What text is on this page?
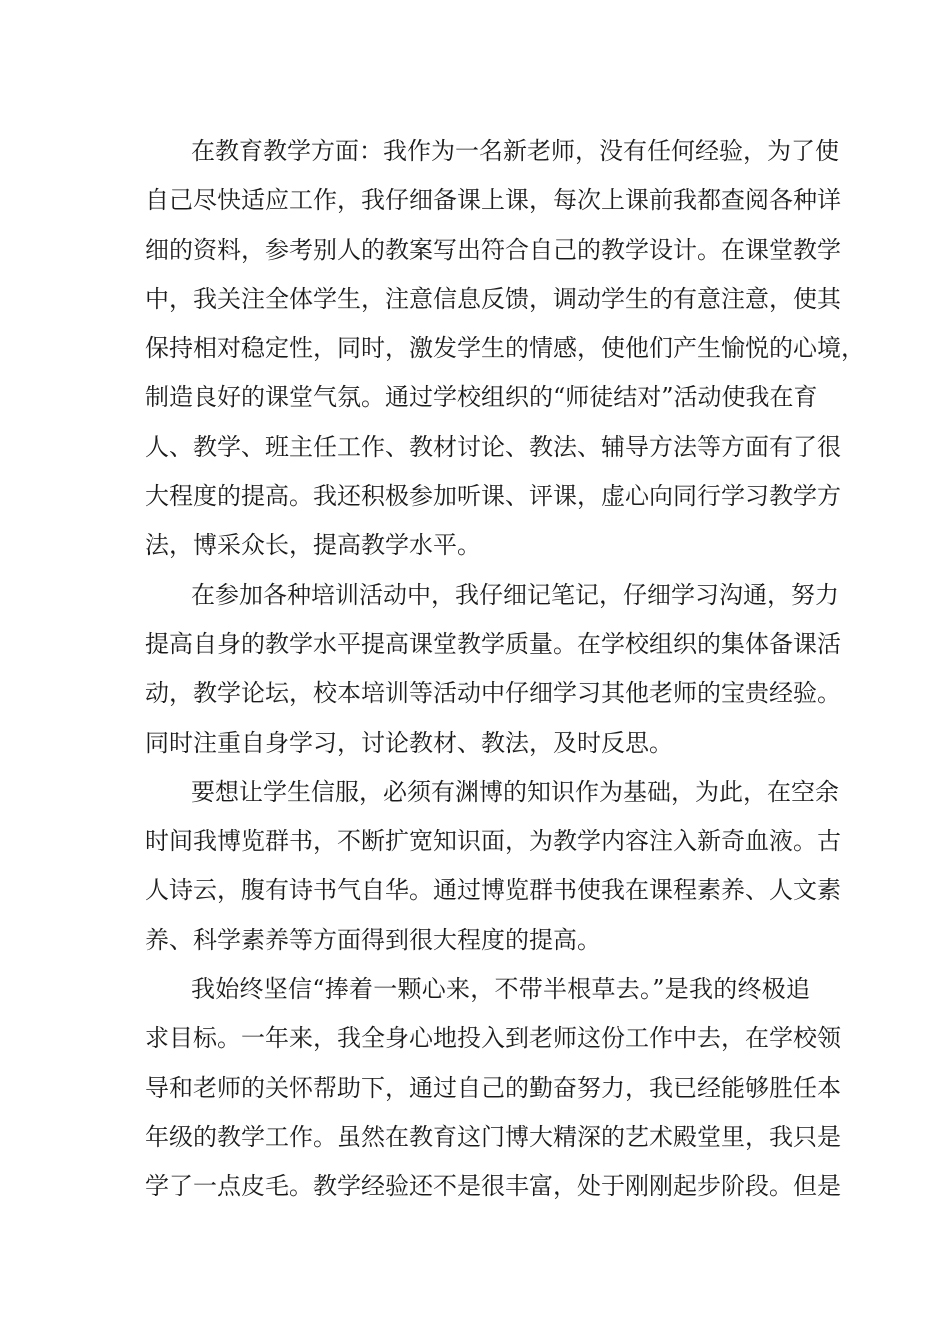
在教育教学方面：我作为一名新老师，没有任何经验，为了使
自己尽快适应工作，我仔细备课上课，每次上课前我都查阅各种详
细的资料，参考别人的教案写出符合自己的教学设计。在课堂教学
中，我关注全体学生，注意信息反馈，调动学生的有意注意，使其
保持相对稳定性，同时，激发学生的情感，使他们产生愉悦的心境，
制造良好的课堂气氛。通过学校组织的“师徒结对”活动使我在育
人、教学、班主任工作、教材讨论、教法、辅导方法等方面有了很
大程度的提高。我还积极参加听课、评课，虚心向同行学习教学方
法，博采众长，提高教学水平。
在参加各种培训活动中，我仔细记笔记，仔细学习沟通，努力
提高自身的教学水平提高课堂教学质量。在学校组织的集体备课活
动，教学论坛，校本培训等活动中仔细学习其他老师的宝贵经验。
同时注重自身学习，讨论教材、教法，及时反思。
要想让学生信服，必须有渊博的知识作为基础，为此，在空余
时间我博览群书，不断扩宽知识面，为教学内容注入新奇血液。古
人诗云，腹有诗书气自华。通过博览群书使我在课程素养、人文素
养、科学素养等方面得到很大程度的提高。
我始终坚信“捧着一颗心来，不带半根草去。”是我的终极追
求目标。一年来，我全身心地投入到老师这份工作中去，在学校领
导和老师的关怀帮助下，通过自己的勤奋努力，我已经能够胜任本
年级的教学工作。虽然在教育这门博大精深的艺术殿堂里，我只是
学了一点皮毛。教学经验还不是很丰富，处于刚刚起步阶段。但是
